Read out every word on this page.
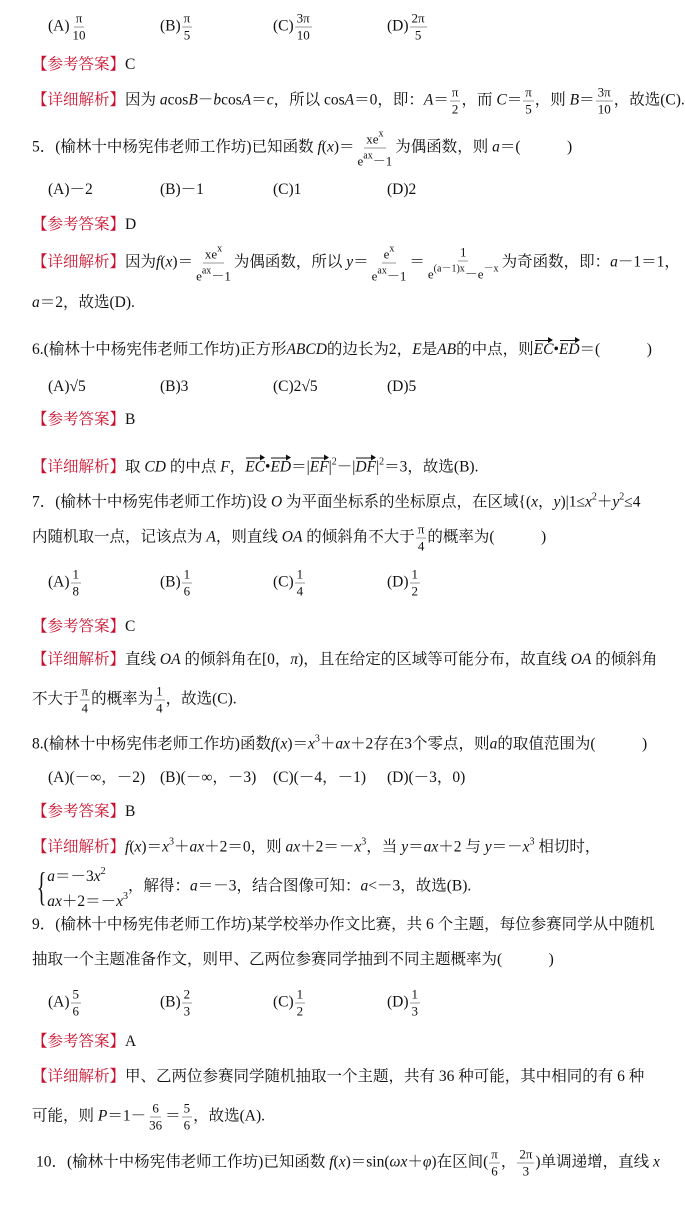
$(A) \frac{\pi}{10}$	$(B) \frac{\pi}{5}$	$(C) \frac{3\pi}{10}$	$(D) \frac{2\pi}{5}$
【参考答案】C
【详细解析】因为 acosB－bcosA＝c，所以 cosA＝0，即：$A= \frac{\pi}{2}$ ，而 $C= \frac{\pi}{5}$ ，则 $B= \frac{3\pi}{10}$ ，故选(C).
5．(榆林十中杨宪伟老师工作坊)已知函数 $f(x)= \frac{xe^x}{e^{ax}-1}$ 为偶函数，则 a＝(　　　)
(A)－2	(B)－1	(C)1	(D)2
【参考答案】D
【详细解析】因为$f(x)= \frac{xe^x}{e^{ax}-1}$ 为偶函数，所以 $y= \frac{e^x}{e^{ax}-1} = \frac{1}{e^{(a-1)x}-e^{-x}}$ 为奇函数，即：a－1＝1，
a＝2，故选(D).
6.(榆林十中杨宪伟老师工作坊)正方形ABCD的边长为2，E是AB的中点，则EC•ED＝(　　　)
(A)√5	(B)3	(C)2√5	(D)5
【参考答案】B
【详细解析】取 CD 的中点 F，$EC•ED=|EF|^2-|DF|^2=3$，故选(B).
7．(榆林十中杨宪伟老师工作坊)设 O 为平面坐标系的坐标原点，在区域{(x，$y)|1\le x^2+y^2\le 4$
内随机取一点，记该点为 A，则直线 OA 的倾斜角不大于 $\frac{\pi}{4}$ 的概率为(　　　)
$(A) \frac{1}{8}$	$(B) \frac{1}{6}$	$(C) \frac{1}{4}$	$(D) \frac{1}{2}$
【参考答案】C
【详细解析】直线 OA 的倾斜角在[0，π)，且在给定的区域等可能分布，故直线 OA 的倾斜角
不大于 $\frac{\pi}{4}$ 的概率为 $\frac{1}{4}$ ，故选(C).
8.(榆林十中杨宪伟老师工作坊)函数$f(x)=x^3+ax+2$存在3个零点，则a的取值范围为(　　　)
(A)(－∞，－2) (B)(－∞，－3) (C)(－4，－1) (D)(－3，0)
【参考答案】B
【详细解析】$f(x)=x^3+ax+2=0$，则 $ax+2=-x^3$，当 y＝ax＋2 与 $y=-x^3$ 相切时，
{ $a=-3x^2$
$ax+2=-x^3$
，解得：a＝－3，结合图像可知：a<－3，故选(B).
9．(榆林十中杨宪伟老师工作坊)某学校举办作文比赛，共 6 个主题，每位参赛同学从中随机
抽取一个主题准备作文，则甲、乙两位参赛同学抽到不同主题概率为(　　　)
$(A) \frac{5}{6}$	$(B) \frac{2}{3}$	$(C) \frac{1}{2}$	$(D) \frac{1}{3}$
【参考答案】A
【详细解析】甲、乙两位参赛同学随机抽取一个主题，共有 36 种可能，其中相同的有 6 种
可能，则 $P=1- \frac{6}{36} = \frac{5}{6}$ ，故选(A).
10．(榆林十中杨宪伟老师工作坊)已知函数 f(x)＝sin(ωx＋φ)在区间( $\frac{\pi}{6}$ ， $\frac{2\pi}{3}$ )单调递增，直线 x
